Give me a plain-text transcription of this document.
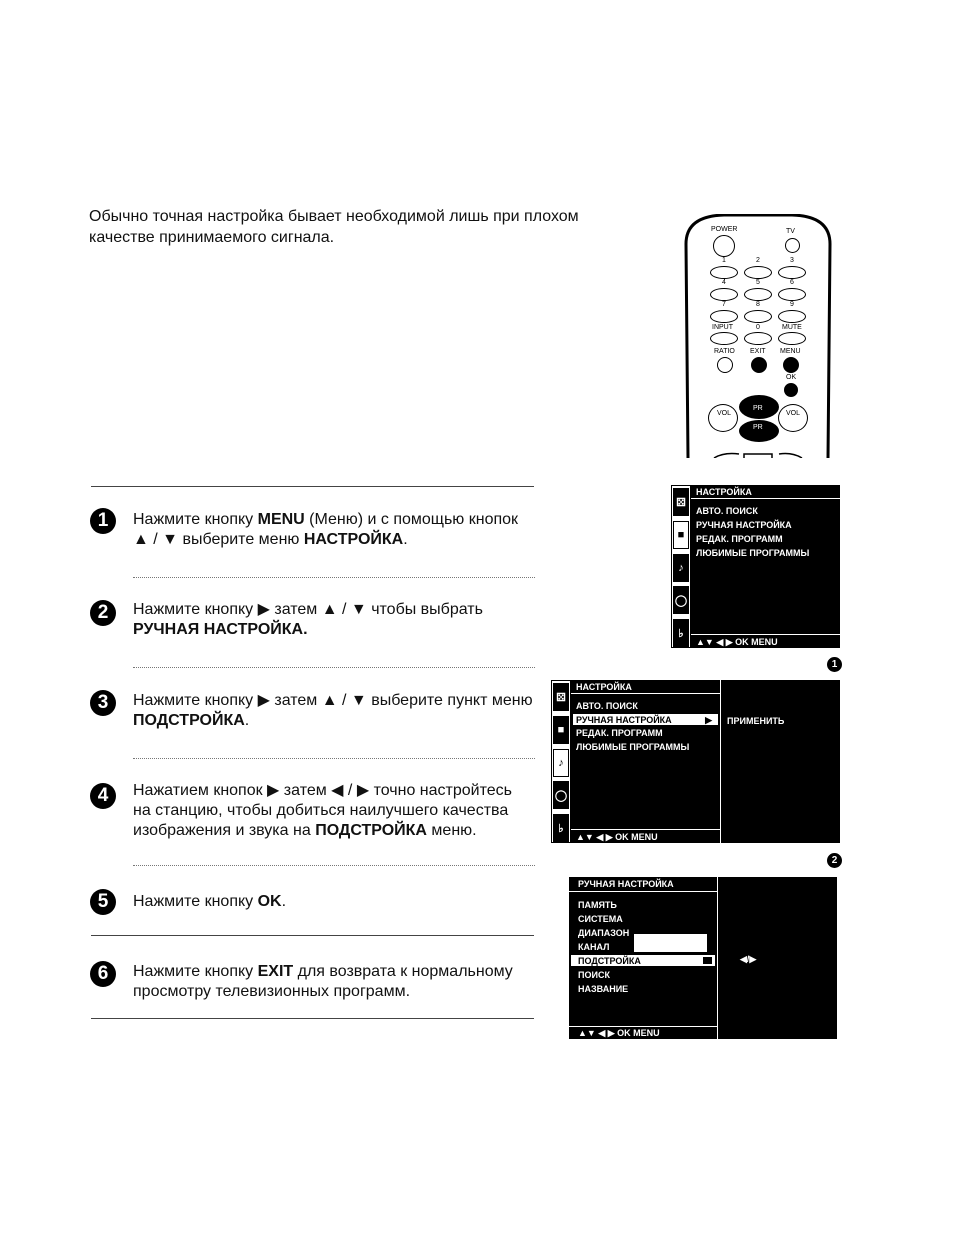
Обычно точная настройка бывает необходимой лишь при плохом
качестве принимаемого сигнала.	POWER	TV
1	2	3
4	5	6
7	8	9
INPUT	0	MUTE
RATIO EXIT MENU
OK
VOL	VOL
PR
PR
1	Нажмите кнопку MENU (Меню) и с помощью кнопок
▲ / ▼ выберите меню НАСТРОЙКА.
2	Нажмите кнопку ▶ затем ▲ / ▼ чтобы выбрать
РУЧНАЯ НАСТРОЙКА.
3	Нажмите кнопку ▶ затем ▲ / ▼ выберите пункт меню
ПОДСТРОЙКА.
4	Нажатием кнопок ▶ затем ◀ / ▶ точно настройтесь
на станцию, чтобы добиться наилучшего качества
изображения и звука на ПОДСТРОЙКА меню.
5	Нажмите кнопку OK.
6	Нажмите кнопку EXIT для возврата к нормальному
просмотру телевизионных программ.
⚄
■
♪
◯
♭
НАСТРОЙКА
АВТО. ПОИСК
РУЧНАЯ НАСТРОЙКА
РЕДАК. ПРОГРАММ
ЛЮБИМЫЕ ПРОГРАММЫ
▲▼ ◀ ▶ OK MENU
1
⚄
■
♪
◯
♭
НАСТРОЙКА
АВТО. ПОИСК
РУЧНАЯ НАСТРОЙКА	▶
РЕДАК. ПРОГРАММ
ЛЮБИМЫЕ ПРОГРАММЫ
▲▼ ◀ ▶ OK MENU
ПРИМЕНИТЬ
2
РУЧНАЯ НАСТРОЙКА
ПАМЯТЬ
СИСТЕМА
ДИАПАЗОН
КАНАЛ
ПОДСТРОЙКА
ПОИСК
НАЗВАНИЕ
▲▼ ◀ ▶ OK MENU
◀/▶
